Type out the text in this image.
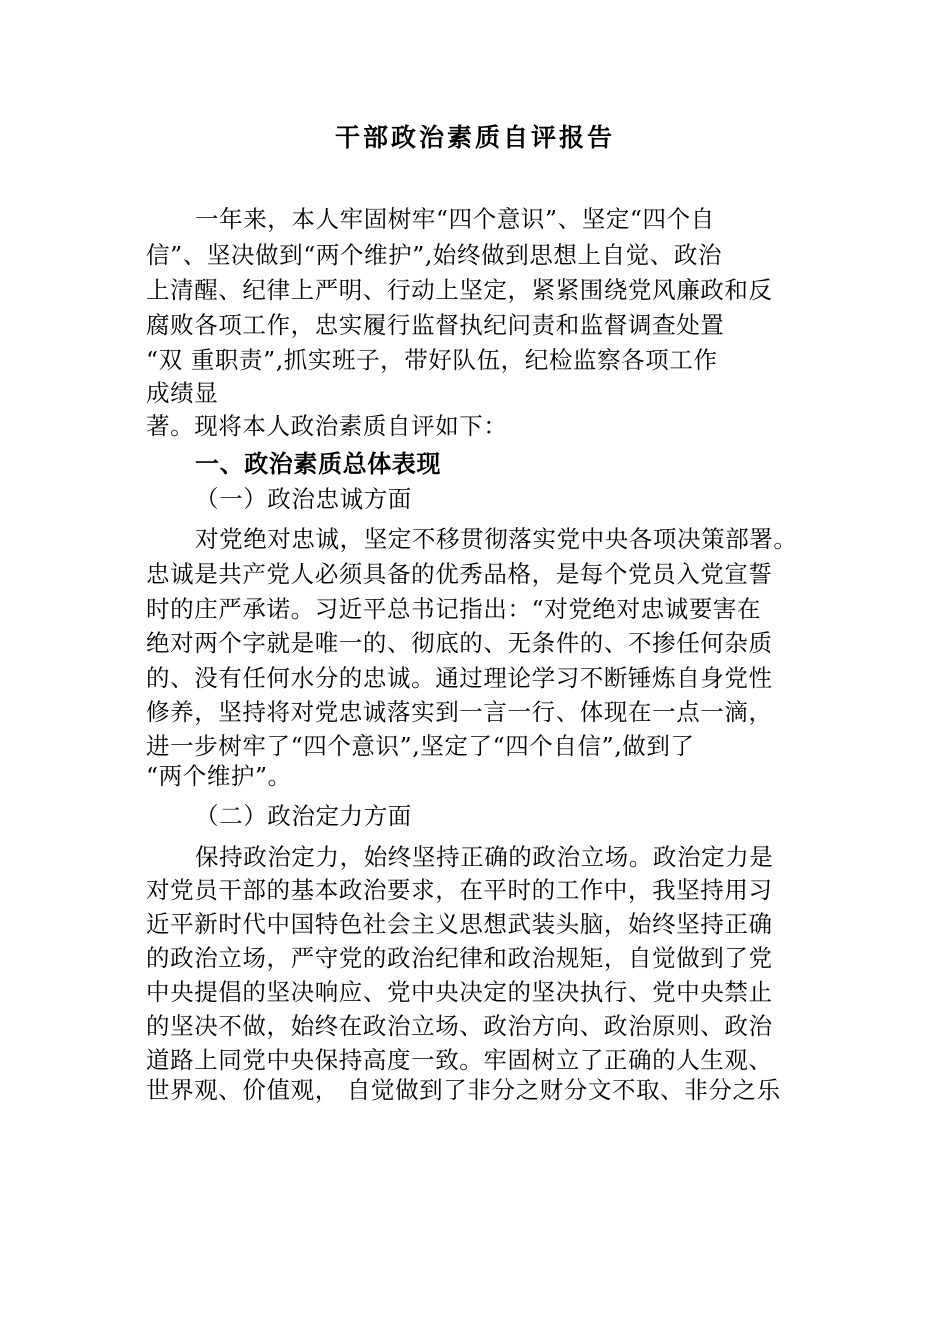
干部政治素质自评报告
一年来，本人牢固树牢“四个意识”、坚定“四个自
信”、坚决做到“两个维护”,始终做到思想上自觉、政治
上清醒、纪律上严明、行动上坚定，紧紧围绕党风廉政和反
腐败各项工作，忠实履行监督执纪问责和监督调查处置
“双 重职责”,抓实班子，带好队伍，纪检监察各项工作
成绩显
著。现将本人政治素质自评如下：
一、政治素质总体表现
（一）政治忠诚方面
对党绝对忠诚，坚定不移贯彻落实党中央各项决策部署。
忠诚是共产党人必须具备的优秀品格，是每个党员入党宣誓
时的庄严承诺。习近平总书记指出：“对党绝对忠诚要害在
绝对两个字就是唯一的、彻底的、无条件的、不掺任何杂质
的、没有任何水分的忠诚。通过理论学习不断锤炼自身党性
修养，坚持将对党忠诚落实到一言一行、体现在一点一滴，
进一步树牢了“四个意识”,坚定了“四个自信”,做到了
“两个维护”。
（二）政治定力方面
保持政治定力，始终坚持正确的政治立场。政治定力是
对党员干部的基本政治要求，在平时的工作中，我坚持用习
近平新时代中国特色社会主义思想武装头脑，始终坚持正确
的政治立场，严守党的政治纪律和政治规矩，自觉做到了党
中央提倡的坚决响应、党中央决定的坚决执行、党中央禁止
的坚决不做，始终在政治立场、政治方向、政治原则、政治
道路上同党中央保持高度一致。牢固树立了正确的人生观、
世界观、价值观， 自觉做到了非分之财分文不取、非分之乐
